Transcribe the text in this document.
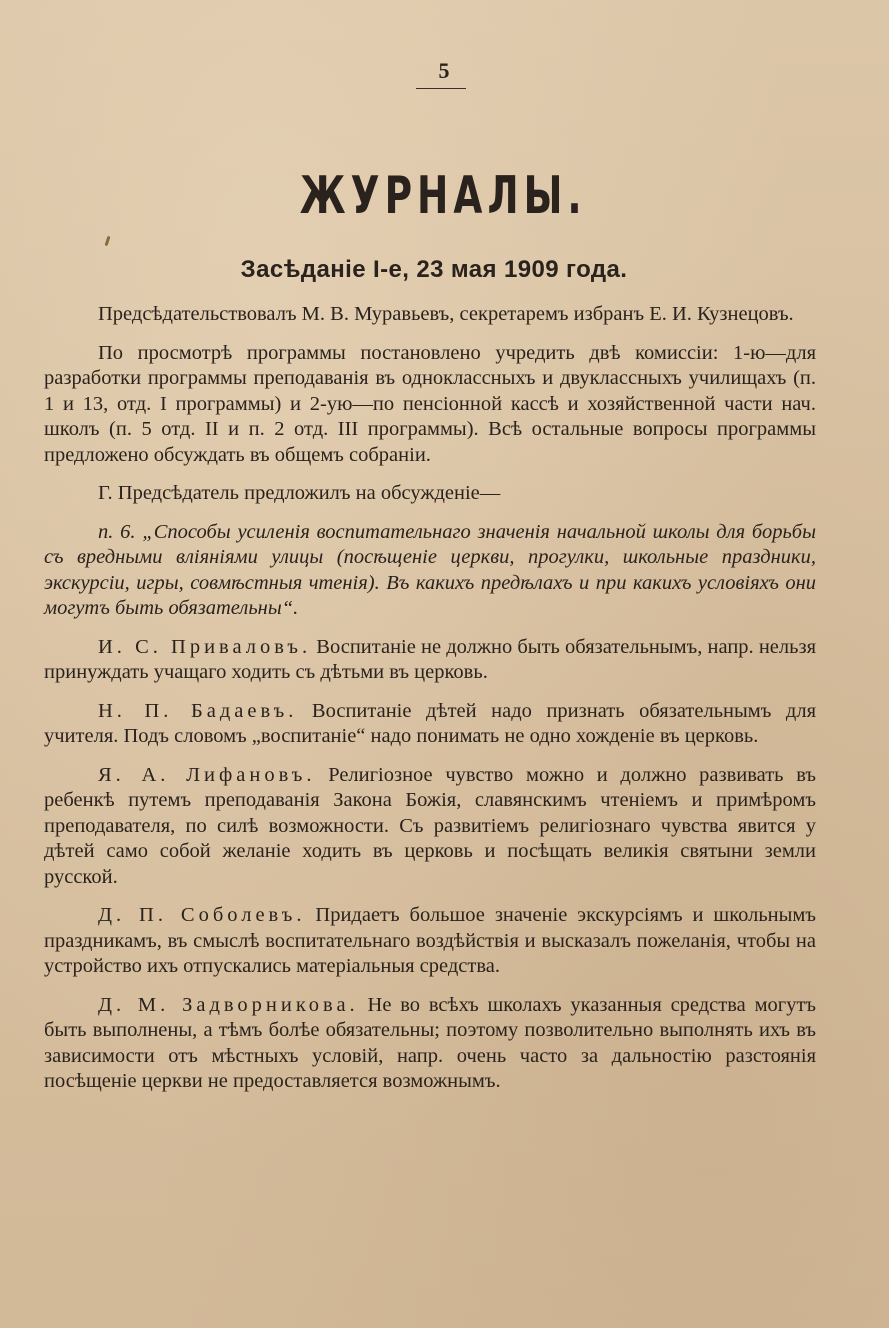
5
ЖУРНАЛЫ.
Засѣданіе I-е, 23 мая 1909 года.

Предсѣдательствовалъ М. В. Муравьевъ, секретаремъ избранъ Е. И. Кузнецовъ.

По просмотрѣ программы постановлено учредить двѣ комиссіи: 1-ю—для разработки программы преподаванія въ одноклассныхъ и двуклассныхъ училищахъ (п. 1 и 13, отд. I программы) и 2-ую—по пенсіонной кассѣ и хозяйственной части нач. школъ (п. 5 отд. II и п. 2 отд. III программы). Всѣ остальные вопросы программы предложено обсуждать въ общемъ собраніи.

Г. Предсѣдатель предложилъ на обсужденіе—

п. 6. „Способы усиленія воспитательнаго значенія начальной школы для борьбы съ вредными вліяніями улицы (посѣщеніе церкви, прогулки, школьные праздники, экскурсіи, игры, совмѣстныя чтенія). Въ какихъ предѣлахъ и при какихъ условіяхъ они могутъ быть обязательны“.

И. С. Приваловъ. Воспитаніе не должно быть обязательнымъ, напр. нельзя принуждать учащаго ходить съ дѣтьми въ церковь.

Н. П. Бадаевъ. Воспитаніе дѣтей надо признать обязательнымъ для учителя. Подъ словомъ „воспитаніе“ надо понимать не одно хожденіе въ церковь.

Я. А. Лифановъ. Религіозное чувство можно и должно развивать въ ребенкѣ путемъ преподаванія Закона Божія, славянскимъ чтеніемъ и примѣромъ преподавателя, по силѣ возможности. Съ развитіемъ религіознаго чувства явится у дѣтей само собой желаніе ходить въ церковь и посѣщать великія святыни земли русской.

Д. П. Соболевъ. Придаетъ большое значеніе экскурсіямъ и школьнымъ праздникамъ, въ смыслѣ воспитательнаго воздѣйствія и высказалъ пожеланія, чтобы на устройство ихъ отпускались матеріальныя средства.

Д. М. Задворникова. Не во всѣхъ школахъ указанныя средства могутъ быть выполнены, а тѣмъ болѣе обязательны; поэтому позволительно выполнять ихъ въ зависимости отъ мѣстныхъ условій, напр. очень часто за дальностію разстоянія посѣщеніе церкви не предоставляется возможнымъ.
